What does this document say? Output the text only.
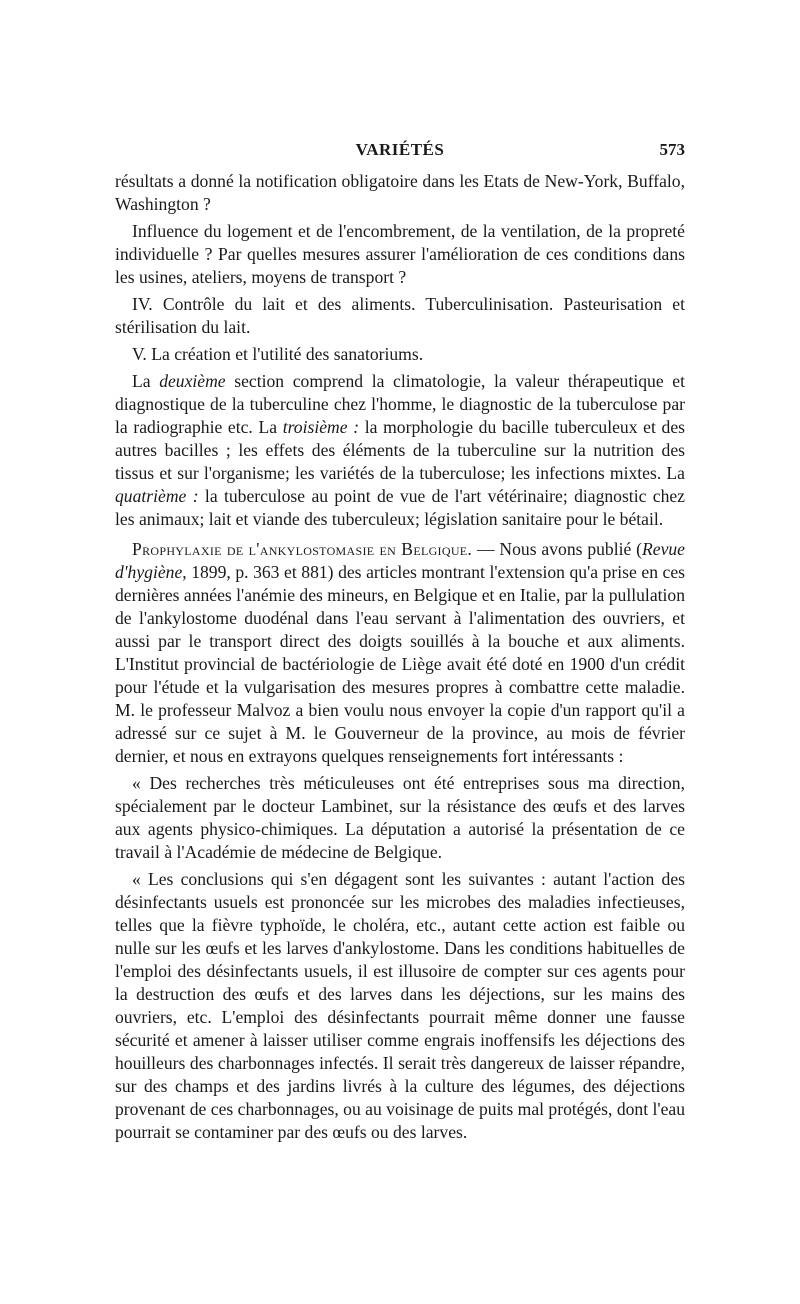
VARIÉTÉS	573

résultats a donné la notification obligatoire dans les Etats de New-York, Buffalo, Washington ?

Influence du logement et de l'encombrement, de la ventilation, de la propreté individuelle ? Par quelles mesures assurer l'amélioration de ces conditions dans les usines, ateliers, moyens de transport ?

IV. Contrôle du lait et des aliments. Tuberculinisation. Pasteurisation et stérilisation du lait.

V. La création et l'utilité des sanatoriums.

La deuxième section comprend la climatologie, la valeur thérapeutique et diagnostique de la tuberculine chez l'homme, le diagnostic de la tuberculose par la radiographie etc. La troisième : la morphologie du bacille tuberculeux et des autres bacilles ; les effets des éléments de la tuberculine sur la nutrition des tissus et sur l'organisme; les variétés de la tuberculose; les infections mixtes. La quatrième : la tuberculose au point de vue de l'art vétérinaire; diagnostic chez les animaux; lait et viande des tuberculeux; législation sanitaire pour le bétail.

Prophylaxie de l'ankylostomasie en Belgique. — Nous avons publié (Revue d'hygiène, 1899, p. 363 et 881) des articles montrant l'extension qu'a prise en ces dernières années l'anémie des mineurs, en Belgique et en Italie, par la pullulation de l'ankylostome duodénal dans l'eau servant à l'alimentation des ouvriers, et aussi par le transport direct des doigts souillés à la bouche et aux aliments. L'Institut provincial de bactériologie de Liège avait été doté en 1900 d'un crédit pour l'étude et la vulgarisation des mesures propres à combattre cette maladie. M. le professeur Malvoz a bien voulu nous envoyer la copie d'un rapport qu'il a adressé sur ce sujet à M. le Gouverneur de la province, au mois de février dernier, et nous en extrayons quelques renseignements fort intéressants :

« Des recherches très méticuleuses ont été entreprises sous ma direction, spécialement par le docteur Lambinet, sur la résistance des œufs et des larves aux agents physico-chimiques. La députation a autorisé la présentation de ce travail à l'Académie de médecine de Belgique.

« Les conclusions qui s'en dégagent sont les suivantes : autant l'action des désinfectants usuels est prononcée sur les microbes des maladies infectieuses, telles que la fièvre typhoïde, le choléra, etc., autant cette action est faible ou nulle sur les œufs et les larves d'ankylostome. Dans les conditions habituelles de l'emploi des désinfectants usuels, il est illusoire de compter sur ces agents pour la destruction des œufs et des larves dans les déjections, sur les mains des ouvriers, etc. L'emploi des désinfectants pourrait même donner une fausse sécurité et amener à laisser utiliser comme engrais inoffensifs les déjections des houilleurs des charbonnages infectés. Il serait très dangereux de laisser répandre, sur des champs et des jardins livrés à la culture des légumes, des déjections provenant de ces charbonnages, ou au voisinage de puits mal protégés, dont l'eau pourrait se contaminer par des œufs ou des larves.
